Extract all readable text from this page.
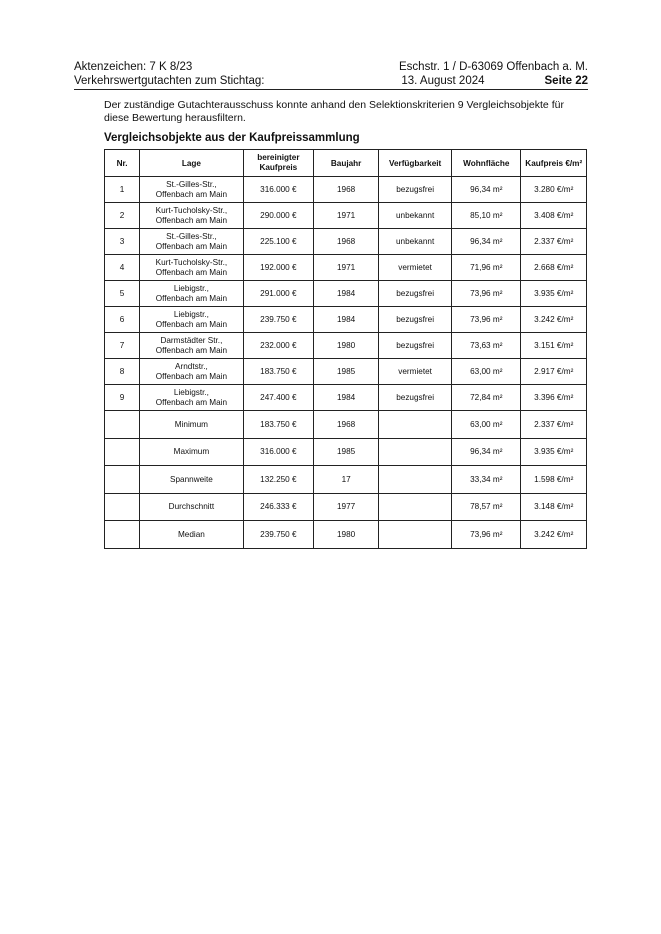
Aktenzeichen: 7 K 8/23	Eschstr. 1 / D-63069 Offenbach a. M.
Verkehrswertgutachten zum Stichtag:	13. August 2024	Seite 22
Der zuständige Gutachterausschuss konnte anhand den Selektionskriterien 9 Vergleichsobjekte für diese Bewertung herausfiltern.
Vergleichsobjekte aus der Kaufpreissammlung
Nr.	Lage	bereinigter
Kaufpreis	Baujahr	Verfügbarkeit	Wohnfläche	Kaufpreis €/m²
1	St.-Gilles-Str.,
Offenbach am Main	316.000 €	1968	bezugsfrei	96,34 m²	3.280 €/m²
2	Kurt-Tucholsky-Str.,
Offenbach am Main	290.000 €	1971	unbekannt	85,10 m²	3.408 €/m²
3	St.-Gilles-Str.,
Offenbach am Main	225.100 €	1968	unbekannt	96,34 m²	2.337 €/m²
4	Kurt-Tucholsky-Str.,
Offenbach am Main	192.000 €	1971	vermietet	71,96 m²	2.668 €/m²
5	Liebigstr.,
Offenbach am Main	291.000 €	1984	bezugsfrei	73,96 m²	3.935 €/m²
6	Liebigstr.,
Offenbach am Main	239.750 €	1984	bezugsfrei	73,96 m²	3.242 €/m²
7	Darmstädter Str.,
Offenbach am Main	232.000 €	1980	bezugsfrei	73,63 m²	3.151 €/m²
8	Arndtstr.,
Offenbach am Main	183.750 €	1985	vermietet	63,00 m²	2.917 €/m²
9	Liebigstr.,
Offenbach am Main	247.400 €	1984	bezugsfrei	72,84 m²	3.396 €/m²
	Minimum	183.750 €	1968		63,00 m²	2.337 €/m²
	Maximum	316.000 €	1985		96,34 m²	3.935 €/m²
	Spannweite	132.250 €	17		33,34 m²	1.598 €/m²
	Durchschnitt	246.333 €	1977		78,57 m²	3.148 €/m²
	Median	239.750 €	1980		73,96 m²	3.242 €/m²
